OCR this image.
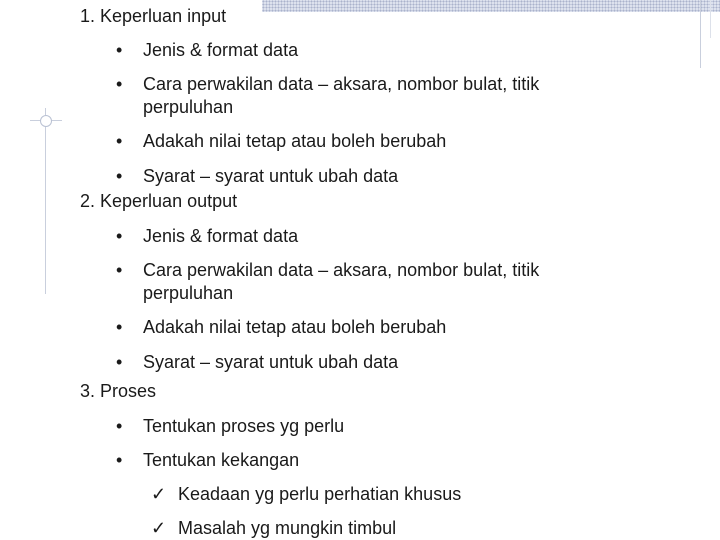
1. Keperluan input

• Jenis & format data

• Cara perwakilan data – aksara, nombor bulat, titik

perpuluhan

• Adakah nilai tetap atau boleh berubah

• Syarat – syarat untuk ubah data

2. Keperluan output

• Jenis & format data

• Cara perwakilan data – aksara, nombor bulat, titik

perpuluhan

• Adakah nilai tetap atau boleh berubah

• Syarat – syarat untuk ubah data

3. Proses

• Tentukan proses yg perlu

• Tentukan kekangan

✓ Keadaan yg perlu perhatian khusus

✓ Masalah yg mungkin timbul
